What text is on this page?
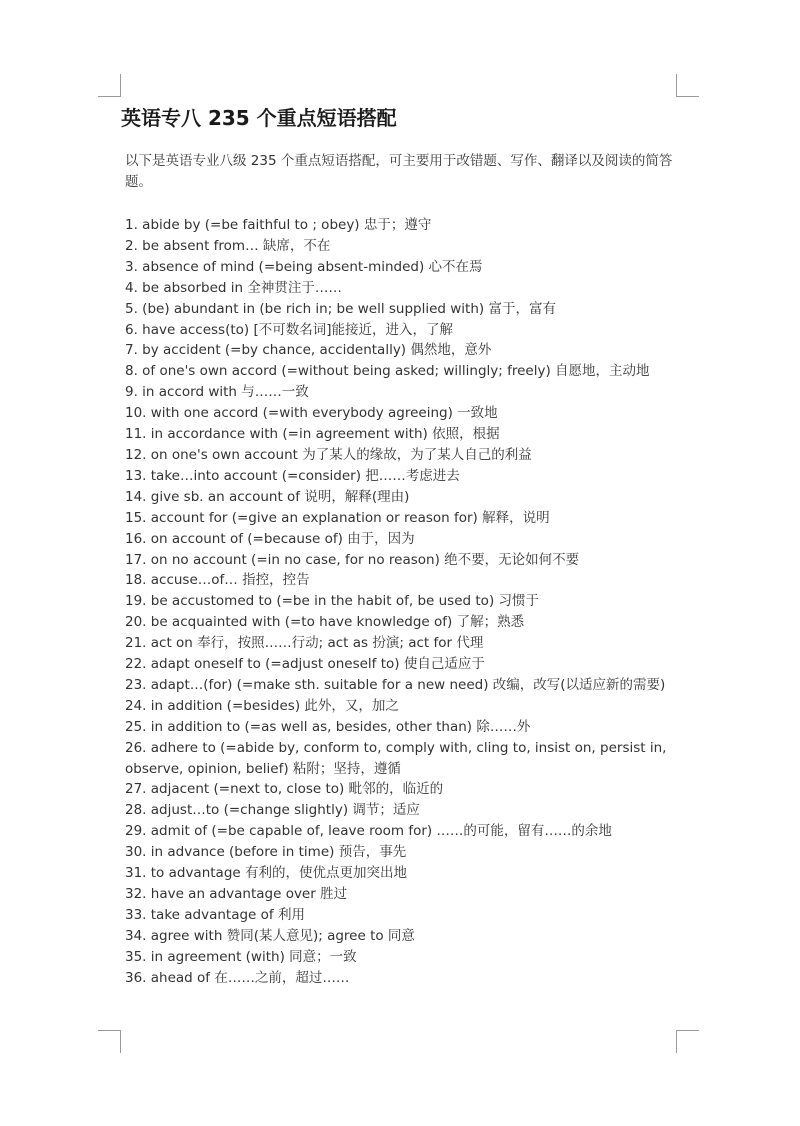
英语专八 235 个重点短语搭配

以下是英语专业八级 235 个重点短语搭配，可主要用于改错题、写作、翻译以及阅读的简答题。

1. abide by (=be faithful to ; obey) 忠于；遵守
2. be absent from… 缺席，不在
3. absence of mind (=being absent-minded) 心不在焉
4. be absorbed in 全神贯注于……
5. (be) abundant in (be rich in; be well supplied with) 富于，富有
6. have access(to) [不可数名词]能接近，进入，了解
7. by accident (=by chance, accidentally) 偶然地，意外
8. of one's own accord (=without being asked; willingly; freely) 自愿地，主动地
9. in accord with 与……一致
10. with one accord (=with everybody agreeing) 一致地
11. in accordance with (=in agreement with) 依照，根据
12. on one's own account 为了某人的缘故，为了某人自己的利益
13. take…into account (=consider) 把……考虑进去
14. give sb. an account of 说明，解释(理由)
15. account for (=give an explanation or reason for) 解释，说明
16. on account of (=because of) 由于，因为
17. on no account (=in no case, for no reason) 绝不要，无论如何不要
18. accuse…of… 指控，控告
19. be accustomed to (=be in the habit of, be used to) 习惯于
20. be acquainted with (=to have knowledge of) 了解；熟悉
21. act on 奉行，按照……行动; act as 扮演; act for 代理
22. adapt oneself to (=adjust oneself to) 使自己适应于
23. adapt…(for) (=make sth. suitable for a new need) 改编，改写(以适应新的需要)
24. in addition (=besides) 此外，又，加之
25. in addition to (=as well as, besides, other than) 除……外
26. adhere to (=abide by, conform to, comply with, cling to, insist on, persist in, observe, opinion, belief) 粘附；坚持，遵循
27. adjacent (=next to, close to) 毗邻的，临近的
28. adjust…to (=change slightly) 调节；适应
29. admit of (=be capable of, leave room for) ……的可能，留有……的余地
30. in advance (before in time) 预告，事先
31. to advantage 有利的，使优点更加突出地
32. have an advantage over 胜过
33. take advantage of 利用
34. agree with 赞同(某人意见); agree to 同意
35. in agreement (with) 同意；一致
36. ahead of 在……之前，超过……
